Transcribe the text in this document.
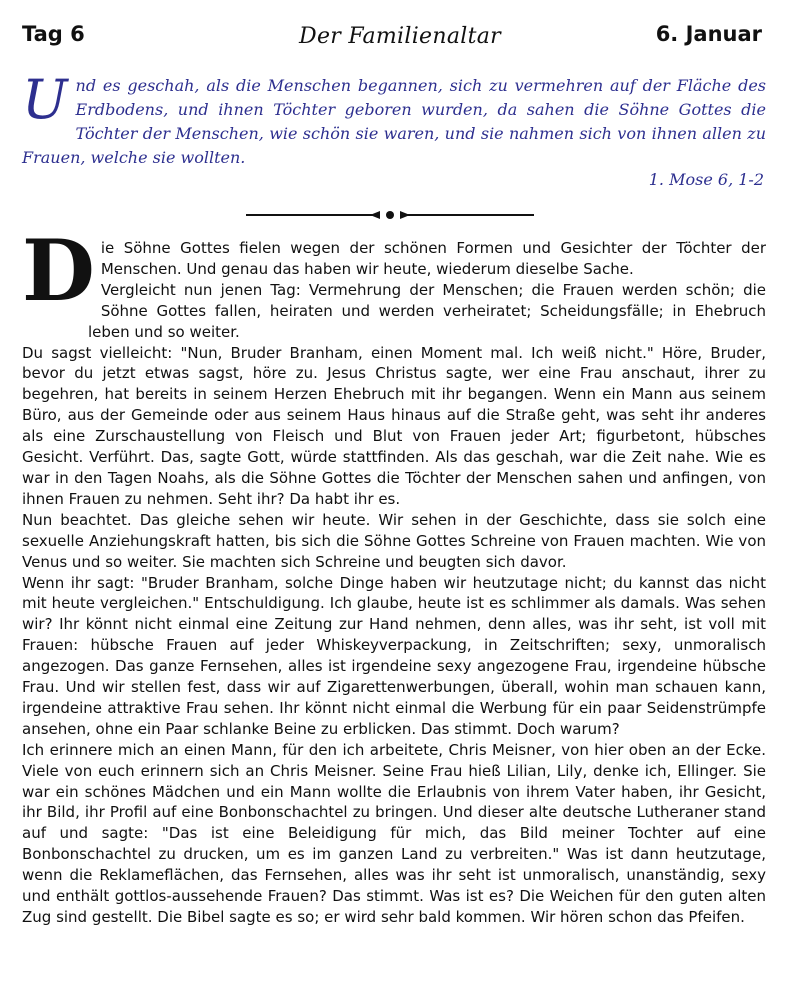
Tag 6	Der Familienaltar	6. Januar
U nd es geschah, als die Menschen begannen, sich zu vermehren auf der Fläche des Erdbodens, und ihnen Töchter geboren wurden, da sahen die Söhne Gottes die Töchter der Menschen, wie schön sie waren, und sie nahmen sich von ihnen allen zu Frauen, welche sie wollten.
1. Mose 6, 1-2

D ie Söhne Gottes fielen wegen der schönen Formen und Gesichter der Töchter der Menschen. Und genau das haben wir heute, wiederum dieselbe Sache.

Vergleicht nun jenen Tag: Vermehrung der Menschen; die Frauen werden schön; die Söhne Gottes fallen, heiraten und werden verheiratet; Scheidungsfälle; in Ehebruch leben und so weiter.

Du sagst vielleicht: "Nun, Bruder Branham, einen Moment mal. Ich weiß nicht." Höre, Bruder, bevor du jetzt etwas sagst, höre zu. Jesus Christus sagte, wer eine Frau anschaut, ihrer zu begehren, hat bereits in seinem Herzen Ehebruch mit ihr begangen. Wenn ein Mann aus seinem Büro, aus der Gemeinde oder aus seinem Haus hinaus auf die Straße geht, was seht ihr anderes als eine Zurschaustellung von Fleisch und Blut von Frauen jeder Art; figurbetont, hübsches Gesicht. Verführt. Das, sagte Gott, würde stattfinden. Als das geschah, war die Zeit nahe. Wie es war in den Tagen Noahs, als die Söhne Gottes die Töchter der Menschen sahen und anfingen, von ihnen Frauen zu nehmen. Seht ihr? Da habt ihr es.

Nun beachtet. Das gleiche sehen wir heute. Wir sehen in der Geschichte, dass sie solch eine sexuelle Anziehungskraft hatten, bis sich die Söhne Gottes Schreine von Frauen machten. Wie von Venus und so weiter. Sie machten sich Schreine und beugten sich davor.

Wenn ihr sagt: "Bruder Branham, solche Dinge haben wir heutzutage nicht; du kannst das nicht mit heute vergleichen." Entschuldigung. Ich glaube, heute ist es schlimmer als damals. Was sehen wir? Ihr könnt nicht einmal eine Zeitung zur Hand nehmen, denn alles, was ihr seht, ist voll mit Frauen: hübsche Frauen auf jeder Whiskeyverpackung, in Zeitschriften; sexy, unmoralisch angezogen. Das ganze Fernsehen, alles ist irgendeine sexy angezogene Frau, irgendeine hübsche Frau. Und wir stellen fest, dass wir auf Zigarettenwerbungen, überall, wohin man schauen kann, irgendeine attraktive Frau sehen. Ihr könnt nicht einmal die Werbung für ein paar Seidenstrümpfe ansehen, ohne ein Paar schlanke Beine zu erblicken. Das stimmt. Doch warum?

Ich erinnere mich an einen Mann, für den ich arbeitete, Chris Meisner, von hier oben an der Ecke. Viele von euch erinnern sich an Chris Meisner. Seine Frau hieß Lilian, Lily, denke ich, Ellinger. Sie war ein schönes Mädchen und ein Mann wollte die Erlaubnis von ihrem Vater haben, ihr Gesicht, ihr Bild, ihr Profil auf eine Bonbonschachtel zu bringen. Und dieser alte deutsche Lutheraner stand auf und sagte: "Das ist eine Beleidigung für mich, das Bild meiner Tochter auf eine Bonbonschachtel zu drucken, um es im ganzen Land zu verbreiten." Was ist dann heutzutage, wenn die Reklameflächen, das Fernsehen, alles was ihr seht ist unmoralisch, unanständig, sexy und enthält gottlos-aussehende Frauen? Das stimmt. Was ist es? Die Weichen für den guten alten Zug sind gestellt. Die Bibel sagte es so; er wird sehr bald kommen. Wir hören schon das Pfeifen.
